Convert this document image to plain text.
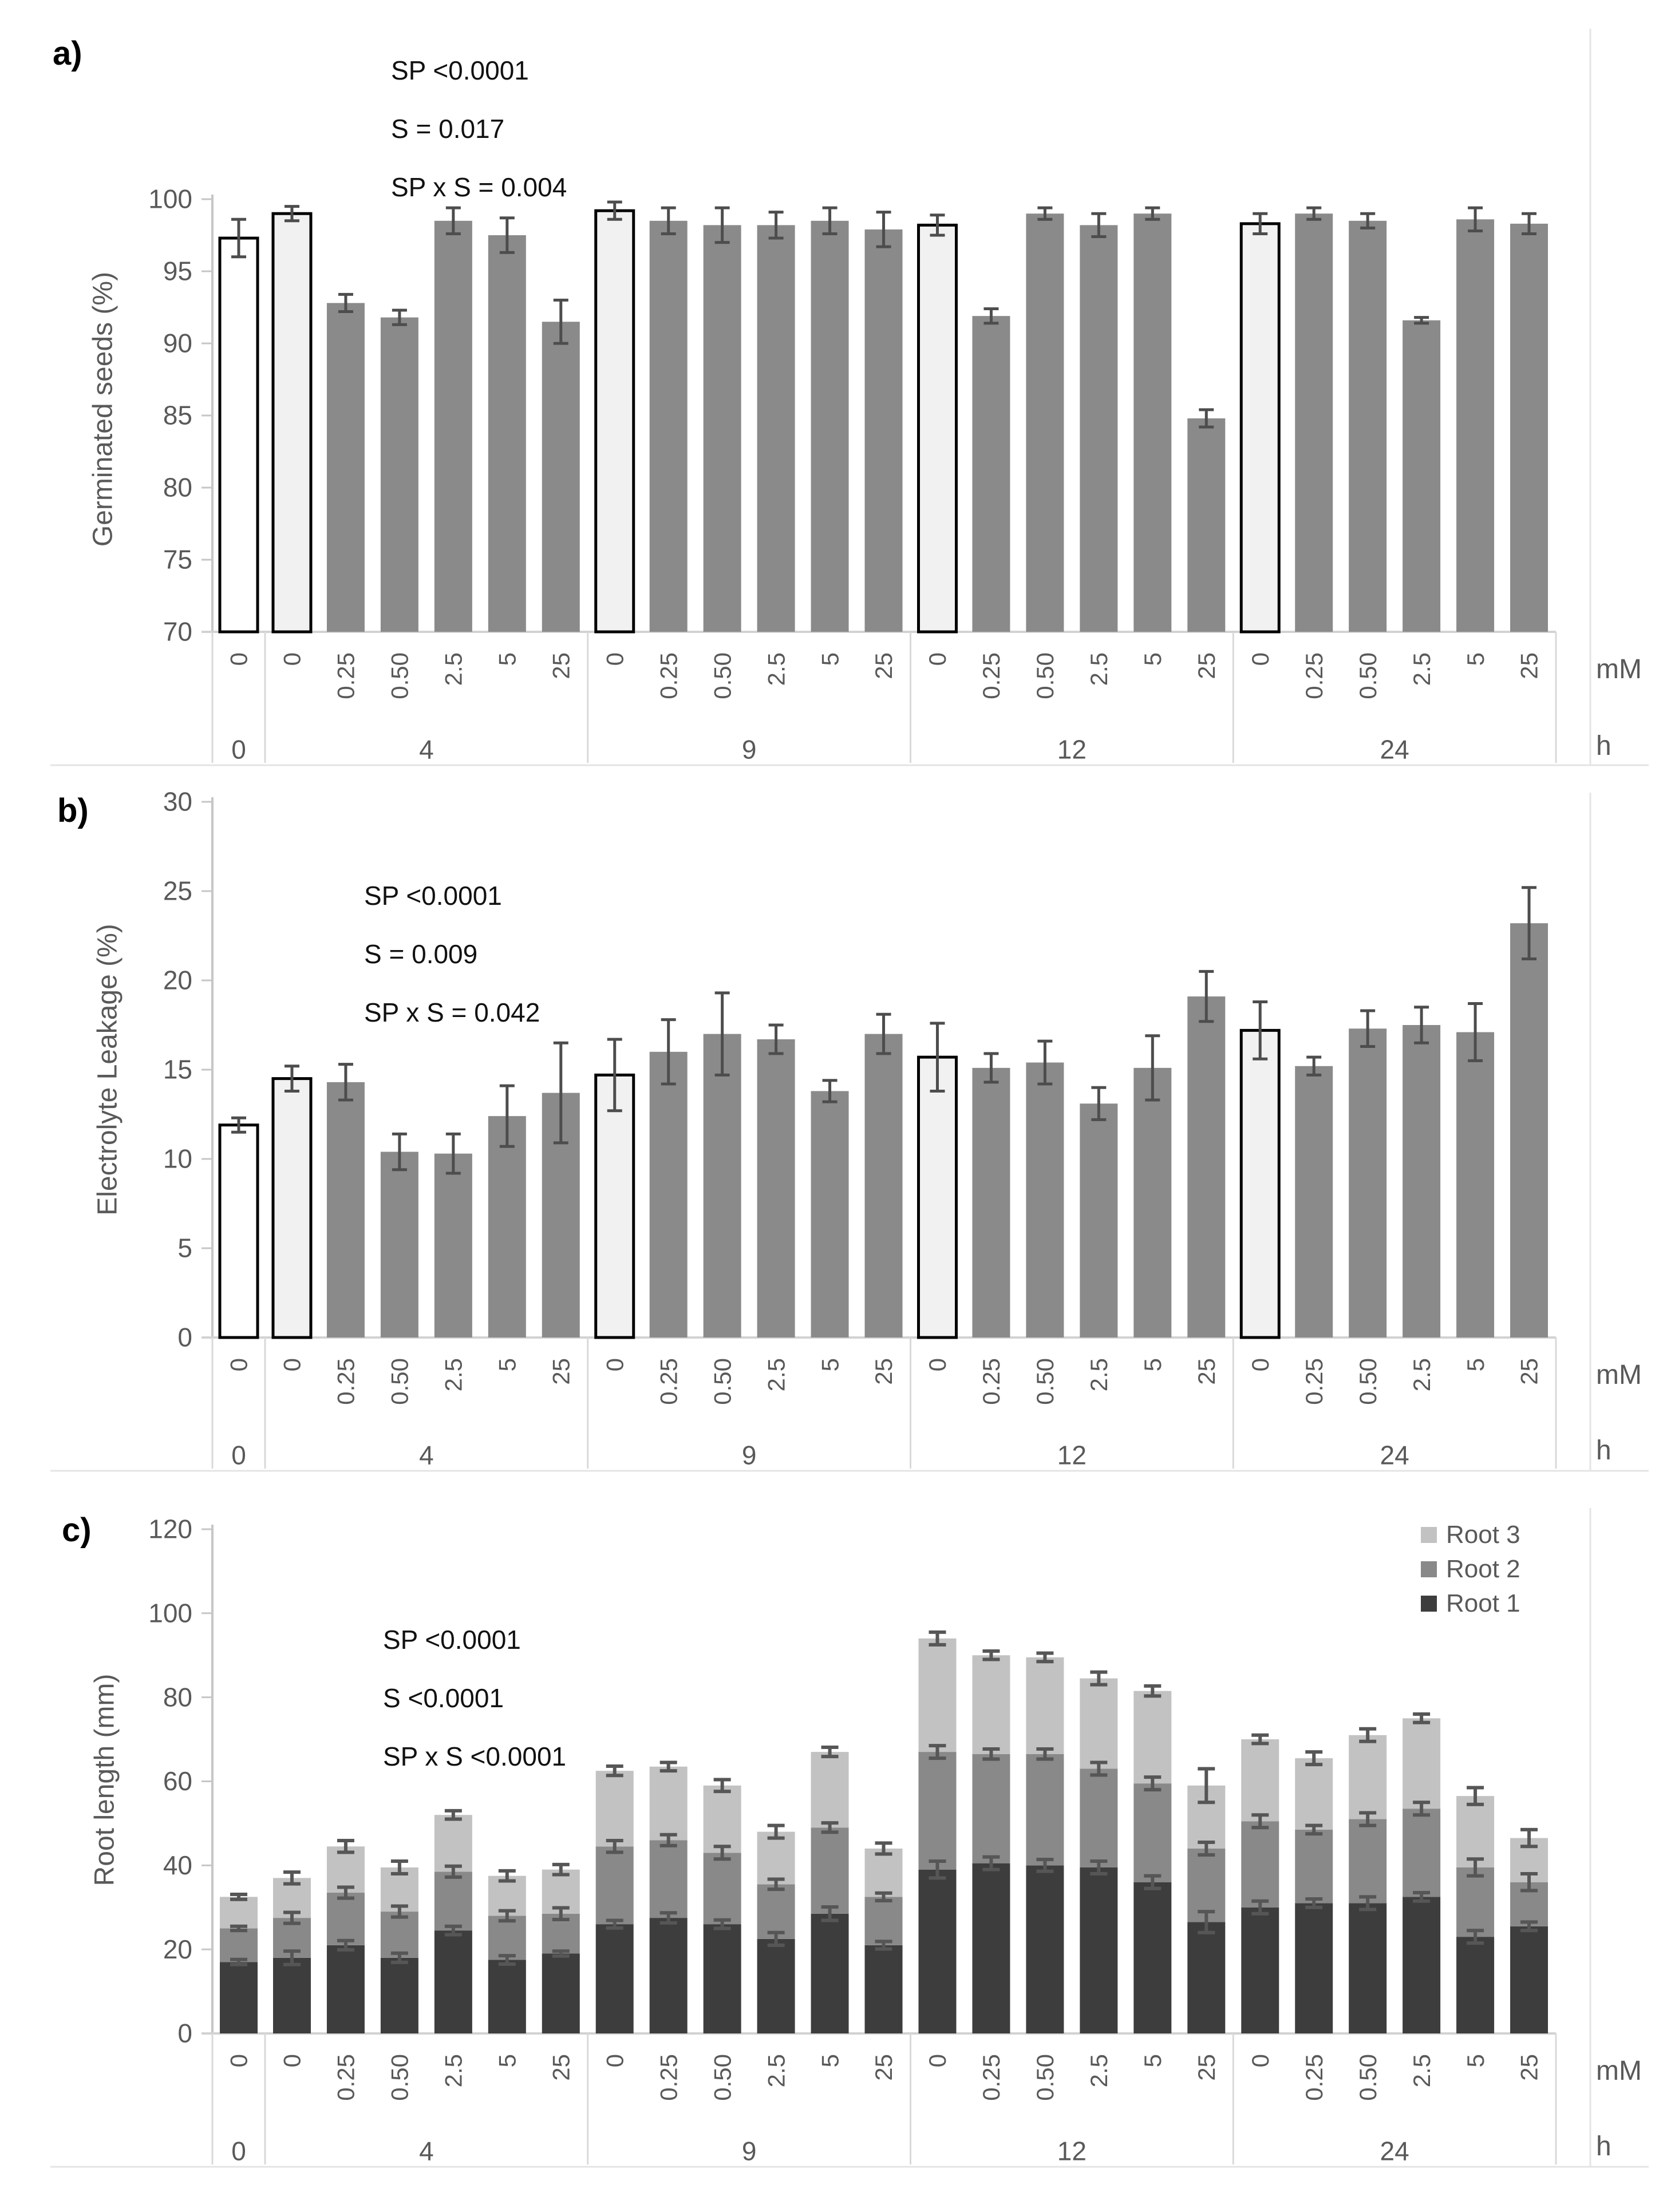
70
75
80
85
90
95
100
0 0 0.25 0.50 2.5 5 25 0 0.25 0.50 2.5 5 25 0 0.25 0.50 2.5 5 25 0 0.25 0.50 2.5 5 25
0	4	9	12	24
a)	SP <0.0001
S = 0.017
SP x S = 0.004
Germinated seeds (%)
mM
h
0
5
10
15
20
25
30
0 0 0.25 0.50 2.5 5 25 0 0.25 0.50 2.5 5 25 0 0.25 0.50 2.5 5 25 0 0.25 0.50 2.5 5 25
0	4	9	12	24
b)
SP <0.0001
S = 0.009
SP x S = 0.042
Electrolyte Leakage (%)
mM
h
0
20
40
60
80
100
120
0 0 0.25 0.50 2.5 5 25 0 0.25 0.50 2.5 5 25 0 0.25 0.50 2.5 5 25 0 0.25 0.50 2.5 5 25
0	4	9	12	24
c)
SP <0.0001
S <0.0001
SP x S <0.0001
Root length (mm)
mM
h
Root 3
Root 2
Root 1
